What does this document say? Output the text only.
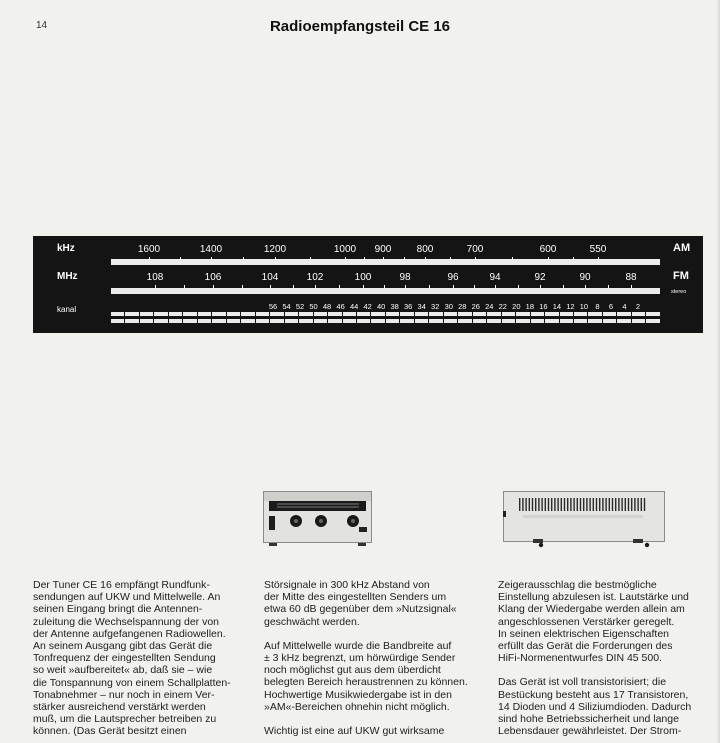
14	Radioempfangsteil CE 16
kHz
MHz
kanal
AM
FM
stereo
1600	1400	1200	1000 900	800	700	600	550
108	106	104	102	100	98	96	94	92	90	88
56 54 52 50 48 46 44 42 40 38 36 34 32 30 28 26 24 22 20 18 16 14 12 10 8 6 4 2

Der Tuner CE 16 empfängt Rundfunk-
sendungen auf UKW und Mittelwelle. An
seinen Eingang bringt die Antennen-
zuleitung die Wechselspannung der von
der Antenne aufgefangenen Radiowellen.
An seinem Ausgang gibt das Gerät die
Tonfrequenz der eingestellten Sendung
so weit »aufbereitet« ab, daß sie – wie
die Tonspannung von einem Schallplatten-
Tonabnehmer – nur noch in einem Ver-
stärker ausreichend verstärkt werden
muß, um die Lautsprecher betreiben zu
können. (Das Gerät besitzt einen

Störsignale in 300 kHz Abstand von
der Mitte des eingestellten Senders um
etwa 60 dB gegenüber dem »Nutzsignal«
geschwächt werden.

Auf Mittelwelle wurde die Bandbreite auf
± 3 kHz begrenzt, um hörwürdige Sender
noch möglichst gut aus dem überdicht
belegten Bereich heraustrennen zu können.
Hochwertige Musikwiedergabe ist in den
»AM«-Bereichen ohnehin nicht möglich.

Wichtig ist eine auf UKW gut wirksame

Zeigerausschlag die bestmögliche
Einstellung abzulesen ist. Lautstärke und
Klang der Wiedergabe werden allein am
angeschlossenen Verstärker geregelt.
In seinen elektrischen Eigenschaften
erfüllt das Gerät die Forderungen des
HiFi-Normenentwurfes DIN 45 500.

Das Gerät ist voll transistorisiert; die
Bestückung besteht aus 17 Transistoren,
14 Dioden und 4 Siliziumdioden. Dadurch
sind hohe Betriebssicherheit und lange
Lebensdauer gewährleistet. Der Strom-
